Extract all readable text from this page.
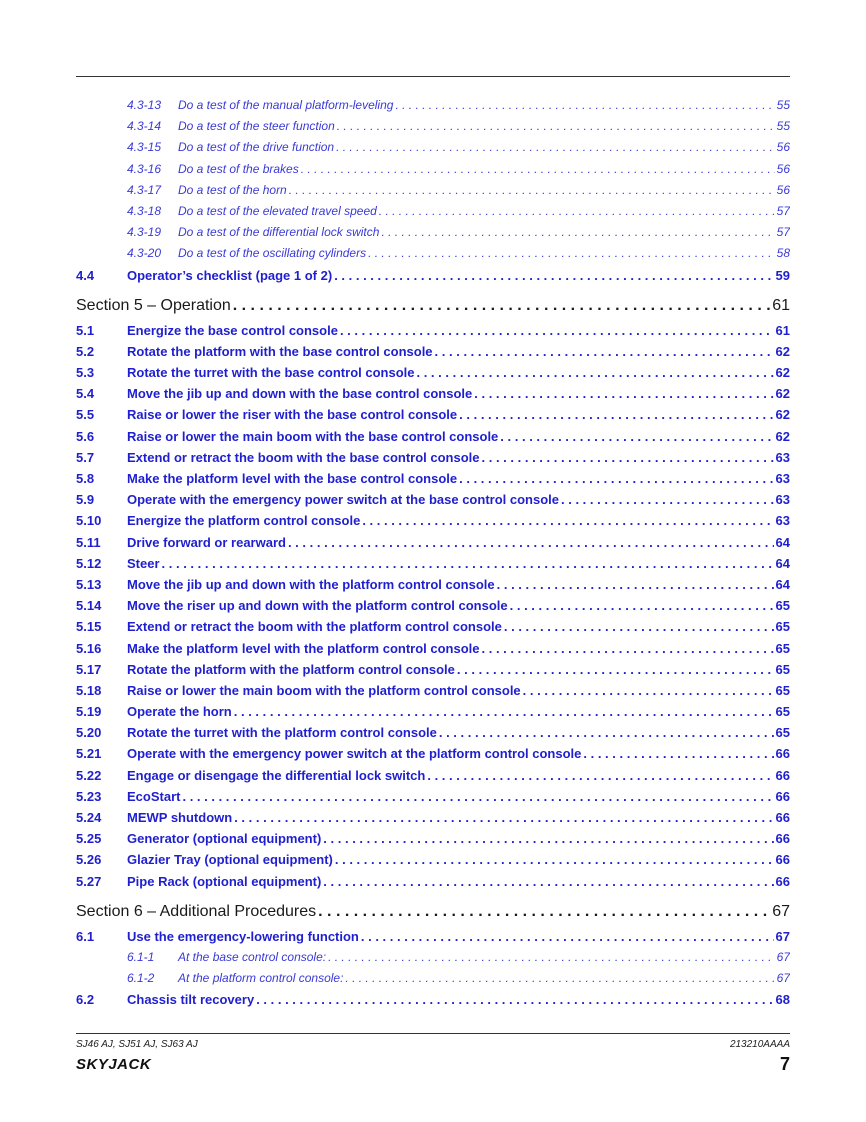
4.3-13	Do a test of the manual platform-leveling . . .	55
4.3-14	Do a test of the steer function . . .	55
4.3-15	Do a test of the drive function . . .	56
4.3-16	Do a test of the brakes . . .	56
4.3-17	Do a test of the horn . . .	56
4.3-18	Do a test of the elevated travel speed . . .	57
4.3-19	Do a test of the differential lock switch . . .	57
4.3-20	Do a test of the oscillating cylinders . . .	58
4.4	Operator’s checklist (page 1 of 2) . . .	59
Section 5 – Operation . . .	61
5.1	Energize the base control console . . .	61
5.2	Rotate the platform with the base control console . . .	62
5.3	Rotate the turret with the base control console . . .	62
5.4	Move the jib up and down with the base control console . . .	62
5.5	Raise or lower the riser with the base control console . . .	62
5.6	Raise or lower the main boom with the base control console . . .	62
5.7	Extend or retract the boom with the base control console . . .	63
5.8	Make the platform level with the base control console . . .	63
5.9	Operate with the emergency power switch at the base control console . . .	63
5.10	Energize the platform control console . . .	63
5.11	Drive forward or rearward . . .	64
5.12	Steer . . .	64
5.13	Move the jib up and down with the platform control console . . .	64
5.14	Move the riser up and down with the platform control console . . .	65
5.15	Extend or retract the boom with the platform control console . . .	65
5.16	Make the platform level with the platform control console . . .	65
5.17	Rotate the platform with the platform control console . . .	65
5.18	Raise or lower the main boom with the platform control console . . .	65
5.19	Operate the horn . . .	65
5.20	Rotate the turret with the platform control console . . .	65
5.21	Operate with the emergency power switch at the platform control console . . .	66
5.22	Engage or disengage the differential lock switch . . .	66
5.23	EcoStart . . .	66
5.24	MEWP shutdown . . .	66
5.25	Generator (optional equipment) . . .	66
5.26	Glazier Tray (optional equipment) . . .	66
5.27	Pipe Rack (optional equipment) . . .	66
Section 6 – Additional Procedures . . .	67
6.1	Use the emergency-lowering function . . .	67
6.1-1	At the base control console: . . .	67
6.1-2	At the platform control console: . . .	67
6.2	Chassis tilt recovery . . .	68
SJ46 AJ, SJ51 AJ, SJ63 AJ	213210AAAA
SKYJACK	7
